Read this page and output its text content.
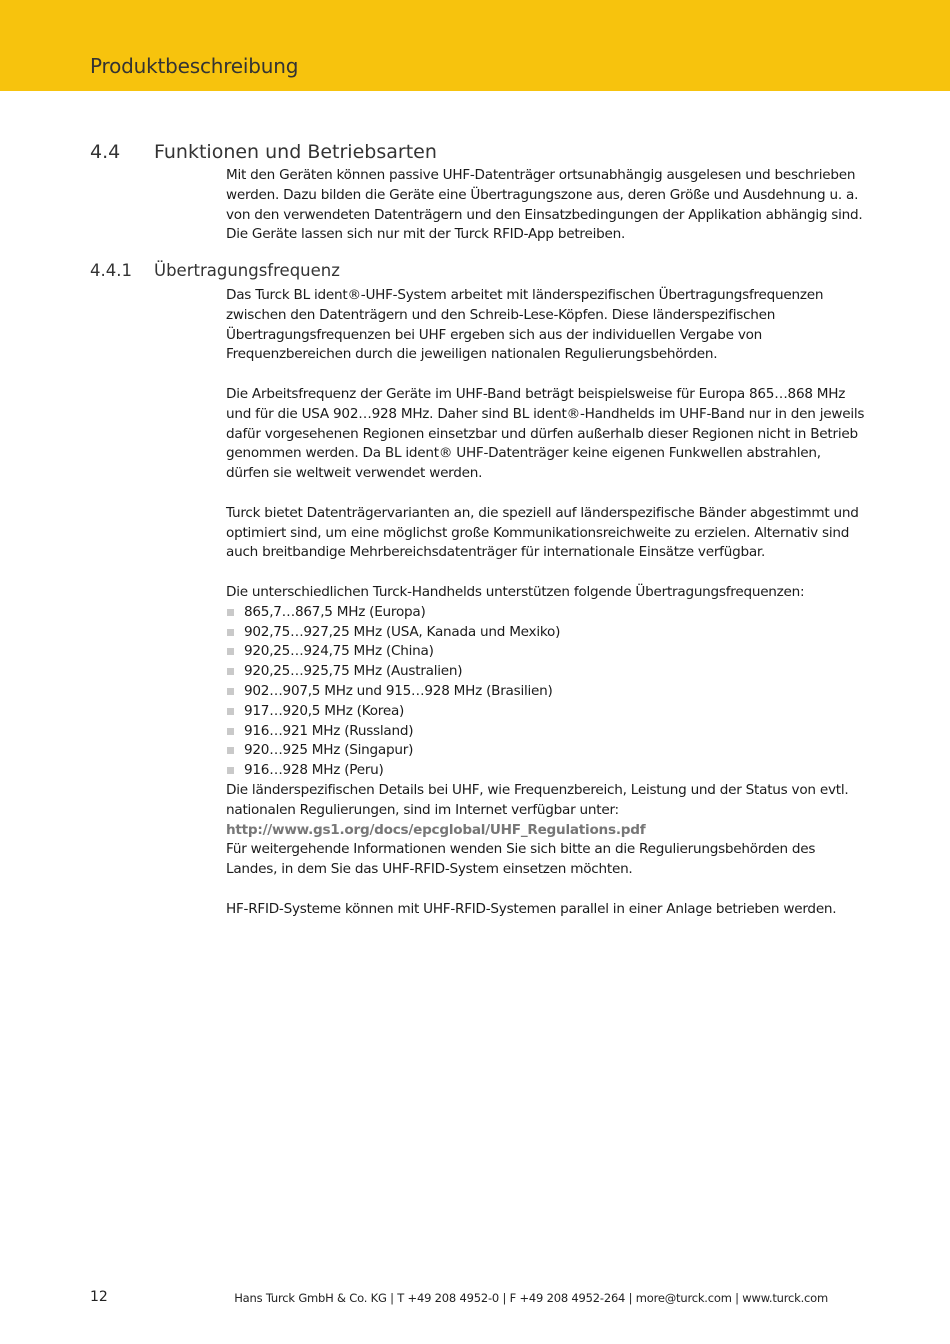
Produktbeschreibung
4.4 Funktionen und Betriebsarten

Mit den Geräten können passive UHF-Datenträger ortsunabhängig ausgelesen und beschrieben werden. Dazu bilden die Geräte eine Übertragungszone aus, deren Größe und Ausdehnung u. a. von den verwendeten Datenträgern und den Einsatzbedingungen der Applikation abhängig sind. Die Geräte lassen sich nur mit der Turck RFID-App betreiben.

4.4.1 Übertragungsfrequenz

Das Turck BL ident®-UHF-System arbeitet mit länderspezifischen Übertragungsfrequenzen zwischen den Datenträgern und den Schreib-Lese-Köpfen. Diese länderspezifischen Übertragungsfrequenzen bei UHF ergeben sich aus der individuellen Vergabe von Frequenzbereichen durch die jeweiligen nationalen Regulierungsbehörden.

Die Arbeitsfrequenz der Geräte im UHF-Band beträgt beispielsweise für Europa 865…868 MHz und für die USA 902…928 MHz. Daher sind BL ident®-Handhelds im UHF-Band nur in den jeweils dafür vorgesehenen Regionen einsetzbar und dürfen außerhalb dieser Regionen nicht in Betrieb genommen werden. Da BL ident® UHF-Datenträger keine eigenen Funkwellen abstrahlen, dürfen sie weltweit verwendet werden.

Turck bietet Datenträgervarianten an, die speziell auf länderspezifische Bänder abgestimmt und optimiert sind, um eine möglichst große Kommunikationsreichweite zu erzielen. Alternativ sind auch breitbandige Mehrbereichsdatenträger für internationale Einsätze verfügbar.

Die unterschiedlichen Turck-Handhelds unterstützen folgende Übertragungsfrequenzen:

865,7…867,5 MHz (Europa)
902,75…927,25 MHz (USA, Kanada und Mexiko)
920,25…924,75 MHz (China)
920,25…925,75 MHz (Australien)
902…907,5 MHz und 915…928 MHz (Brasilien)
917…920,5 MHz (Korea)
916…921 MHz (Russland)
920…925 MHz (Singapur)
916…928 MHz (Peru)

Die länderspezifischen Details bei UHF, wie Frequenzbereich, Leistung und der Status von evtl. nationalen Regulierungen, sind im Internet verfügbar unter:

http://www.gs1.org/docs/epcglobal/UHF_Regulations.pdf

Für weitergehende Informationen wenden Sie sich bitte an die Regulierungsbehörden des Landes, in dem Sie das UHF-RFID-System einsetzen möchten.

HF-RFID-Systeme können mit UHF-RFID-Systemen parallel in einer Anlage betrieben werden.

12	Hans Turck GmbH & Co. KG | T +49 208 4952-0 | F +49 208 4952-264 | more@turck.com | www.turck.com
